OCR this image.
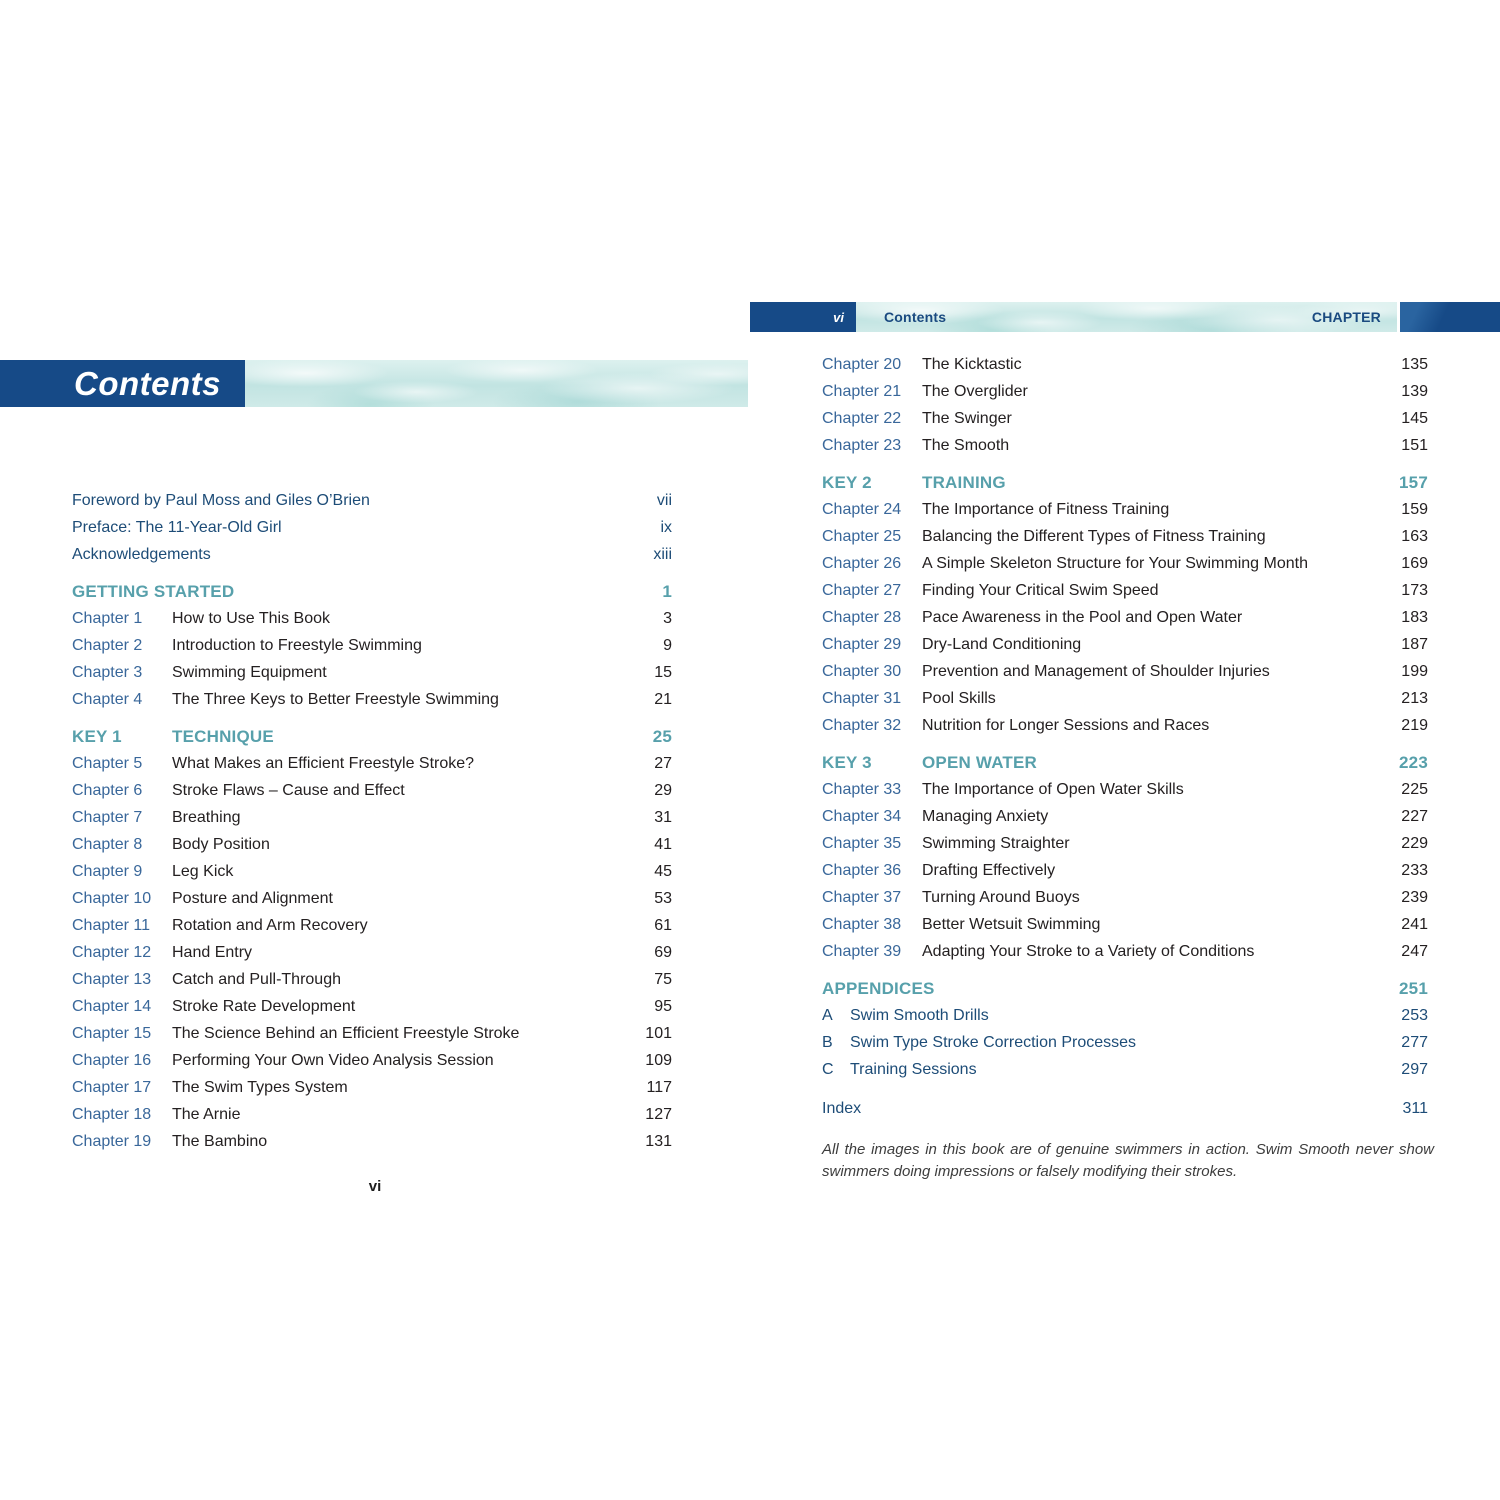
Contents
Foreword by Paul Moss and Giles O’Brien	vii
Preface: The 11-Year-Old Girl	ix
Acknowledgements	xiii
GETTING STARTED	1
Chapter 1	How to Use This Book	3
Chapter 2	Introduction to Freestyle Swimming	9
Chapter 3	Swimming Equipment	15
Chapter 4	The Three Keys to Better Freestyle Swimming	21
KEY 1	TECHNIQUE	25
Chapter 5	What Makes an Efficient Freestyle Stroke?	27
Chapter 6	Stroke Flaws – Cause and Effect	29
Chapter 7	Breathing	31
Chapter 8	Body Position	41
Chapter 9	Leg Kick	45
Chapter 10	Posture and Alignment	53
Chapter 11	Rotation and Arm Recovery	61
Chapter 12	Hand Entry	69
Chapter 13	Catch and Pull-Through	75
Chapter 14	Stroke Rate Development	95
Chapter 15	The Science Behind an Efficient Freestyle Stroke	101
Chapter 16	Performing Your Own Video Analysis Session	109
Chapter 17	The Swim Types System	117
Chapter 18	The Arnie	127
Chapter 19	The Bambino	131
vi
vi	Contents	CHAPTER
Chapter 20	The Kicktastic	135
Chapter 21	The Overglider	139
Chapter 22	The Swinger	145
Chapter 23	The Smooth	151
KEY 2	TRAINING	157
Chapter 24	The Importance of Fitness Training	159
Chapter 25	Balancing the Different Types of Fitness Training	163
Chapter 26	A Simple Skeleton Structure for Your Swimming Month	169
Chapter 27	Finding Your Critical Swim Speed	173
Chapter 28	Pace Awareness in the Pool and Open Water	183
Chapter 29	Dry-Land Conditioning	187
Chapter 30	Prevention and Management of Shoulder Injuries	199
Chapter 31	Pool Skills	213
Chapter 32	Nutrition for Longer Sessions and Races	219
KEY 3	OPEN WATER	223
Chapter 33	The Importance of Open Water Skills	225
Chapter 34	Managing Anxiety	227
Chapter 35	Swimming Straighter	229
Chapter 36	Drafting Effectively	233
Chapter 37	Turning Around Buoys	239
Chapter 38	Better Wetsuit Swimming	241
Chapter 39	Adapting Your Stroke to a Variety of Conditions	247
APPENDICES	251
A	Swim Smooth Drills	253
B	Swim Type Stroke Correction Processes	277
C	Training Sessions	297
Index	311
All the images in this book are of genuine swimmers in action. Swim Smooth never show swimmers doing impressions or falsely modifying their strokes.
